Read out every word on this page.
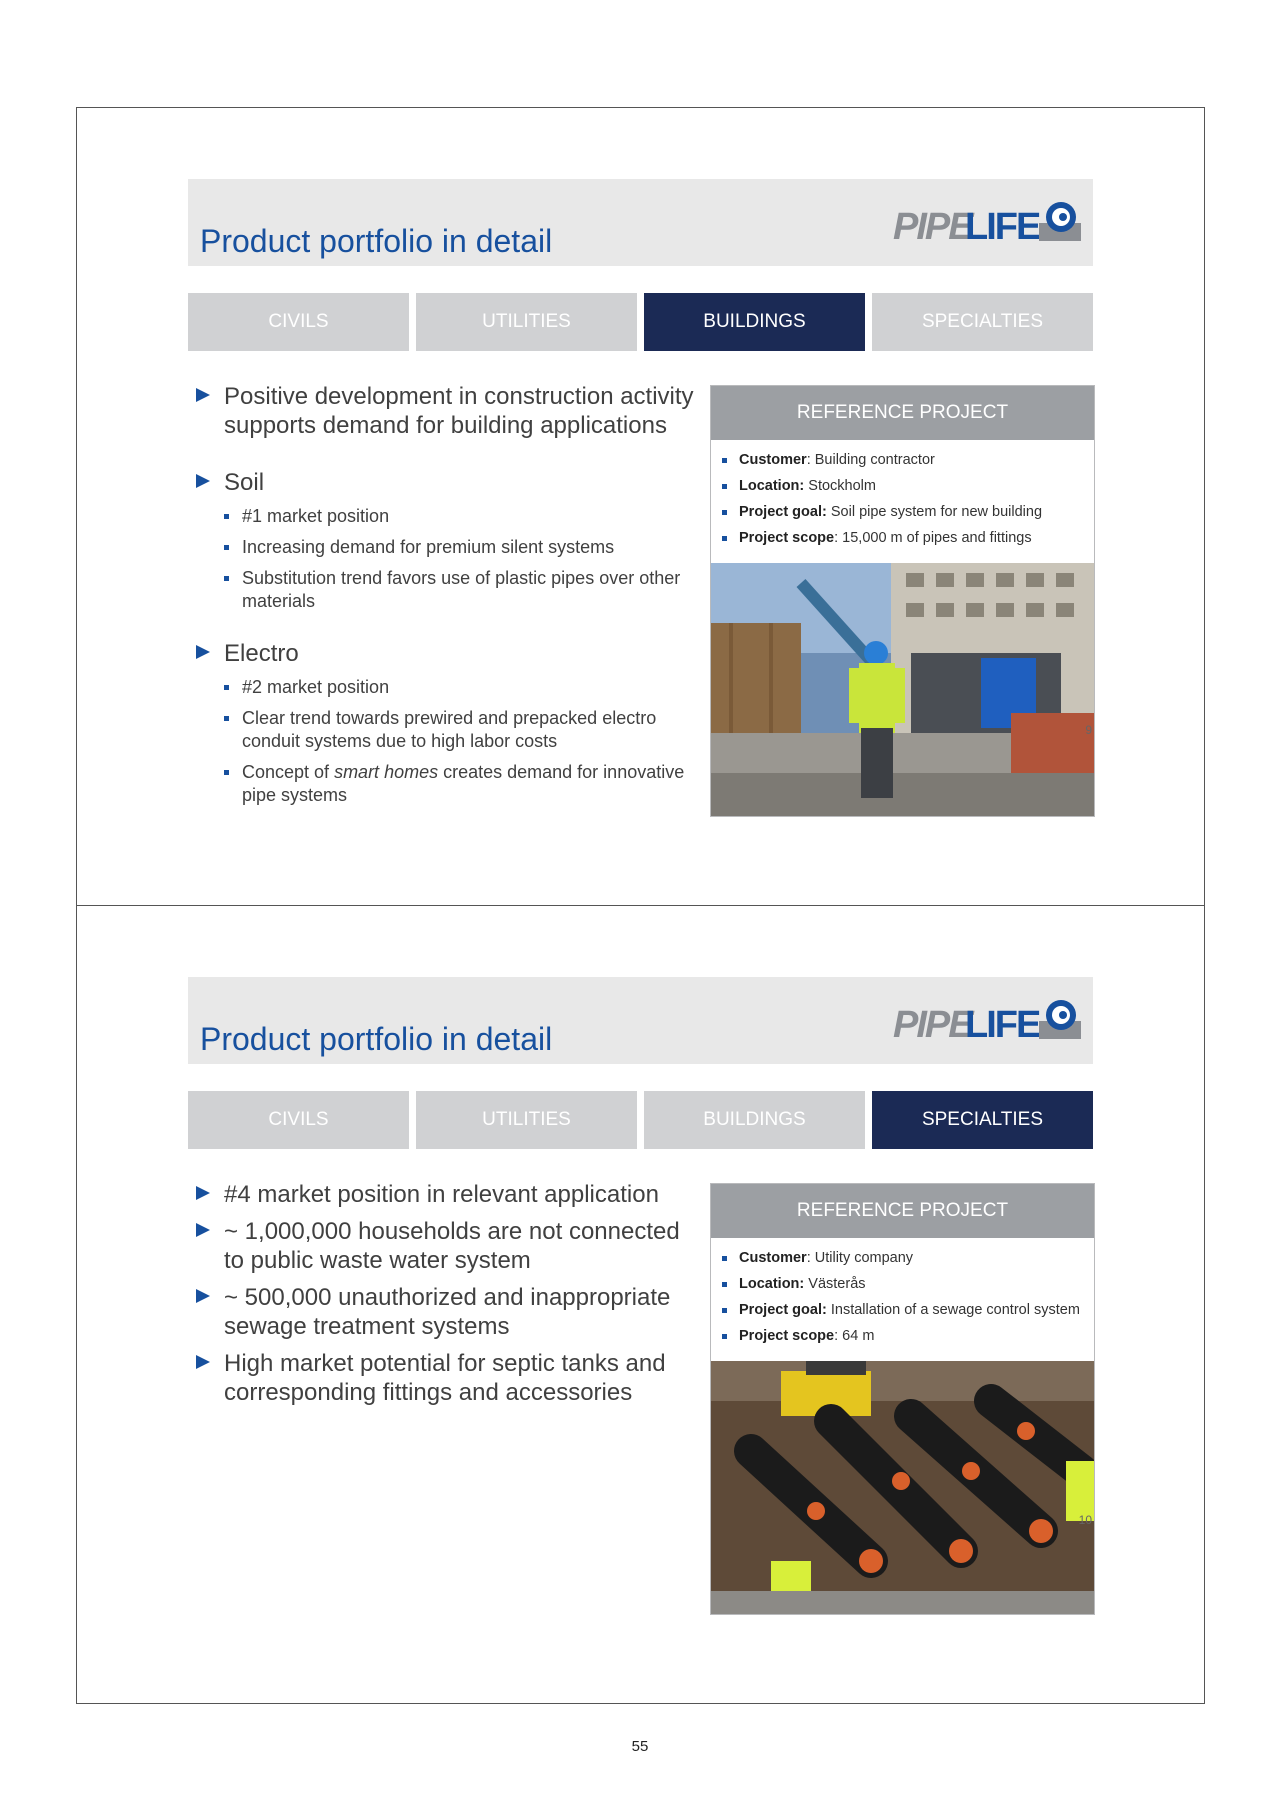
Product portfolio in detail	PIPE
LIFE
CIVILS	UTILITIES	BUILDINGS	SPECIALTIES
Positive development in construction activity supports demand for building applications
Soil
#1 market position
Increasing demand for premium silent systems
Substitution trend favors use of plastic pipes over other materials
Electro
#2 market position
Clear trend towards prewired and prepacked electro conduit systems due to high labor costs
Concept of smart homes creates demand for innovative pipe systems
REFERENCE PROJECT
Customer: Building contractor
Location: Stockholm
Project goal: Soil pipe system for new building
Project scope: 15,000 m of pipes and fittings
9
Product portfolio in detail	PIPE
LIFE
CIVILS	UTILITIES	BUILDINGS	SPECIALTIES
#4 market position in relevant application
~ 1,000,000 households are not connected to public waste water system
~ 500,000 unauthorized and inappropriate sewage treatment systems
High market potential for septic tanks and corresponding fittings and accessories
REFERENCE PROJECT
Customer: Utility company
Location: Västerås
Project goal: Installation of a sewage control system
Project scope: 64 m
10
55
